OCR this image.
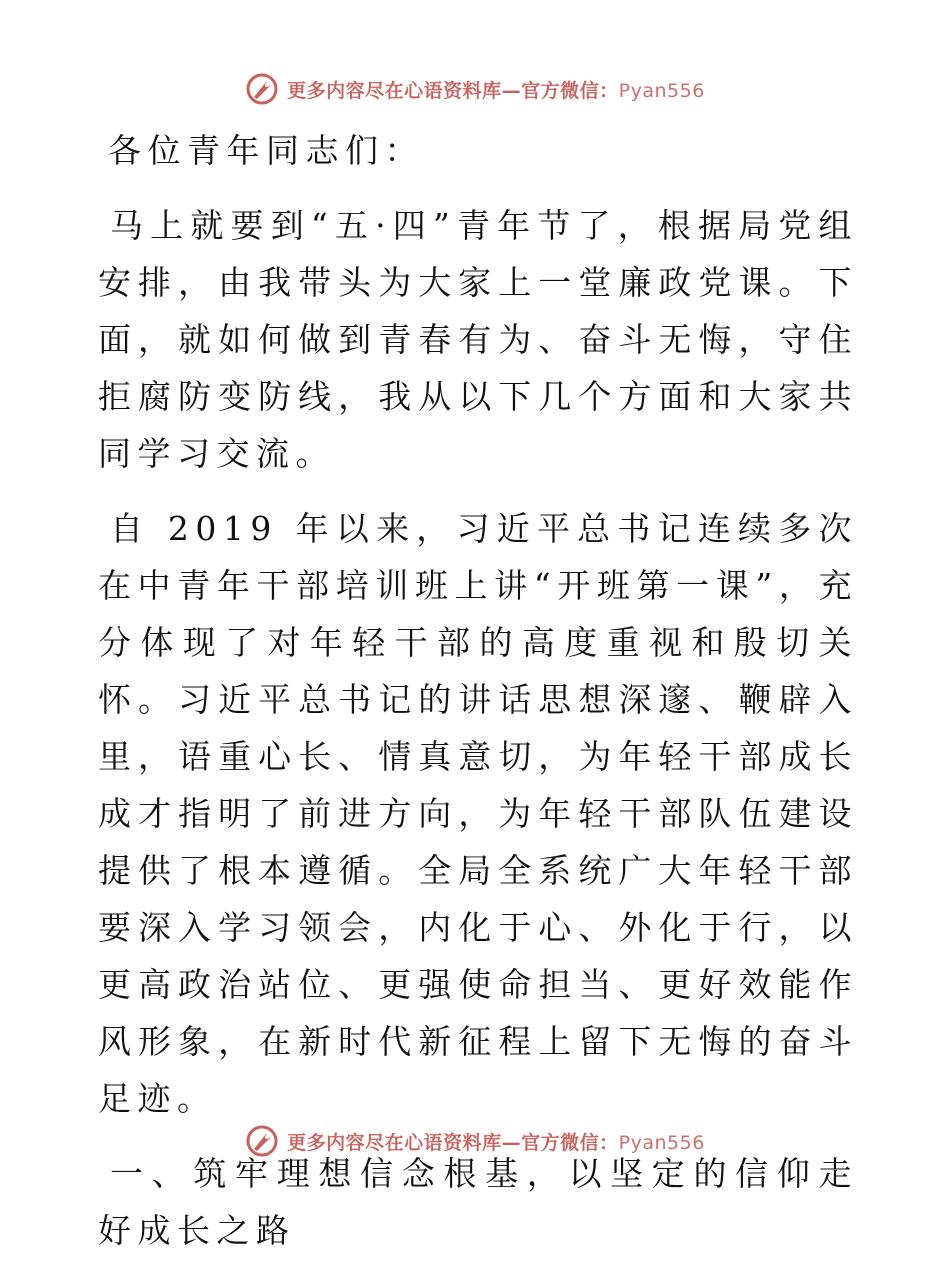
更多内容尽在心语资料库—官方微信：Pyan556

各位青年同志们：

马上就要到“五·四”青年节了，根据局党组安排，由我带头为大家上一堂廉政党课。下面，就如何做到青春有为、奋斗无悔，守住拒腐防变防线，我从以下几个方面和大家共同学习交流。

自 2019 年以来，习近平总书记连续多次在中青年干部培训班上讲“开班第一课”，充分体现了对年轻干部的高度重视和殷切关怀。习近平总书记的讲话思想深邃、鞭辟入里，语重心长、情真意切，为年轻干部成长成才指明了前进方向，为年轻干部队伍建设提供了根本遵循。全局全系统广大年轻干部要深入学习领会，内化于心、外化于行，以更高政治站位、更强使命担当、更好效能作风形象，在新时代新征程上留下无悔的奋斗足迹。

一、筑牢理想信念根基，以坚定的信仰走好成长之路

更多内容尽在心语资料库—官方微信：Pyan556
